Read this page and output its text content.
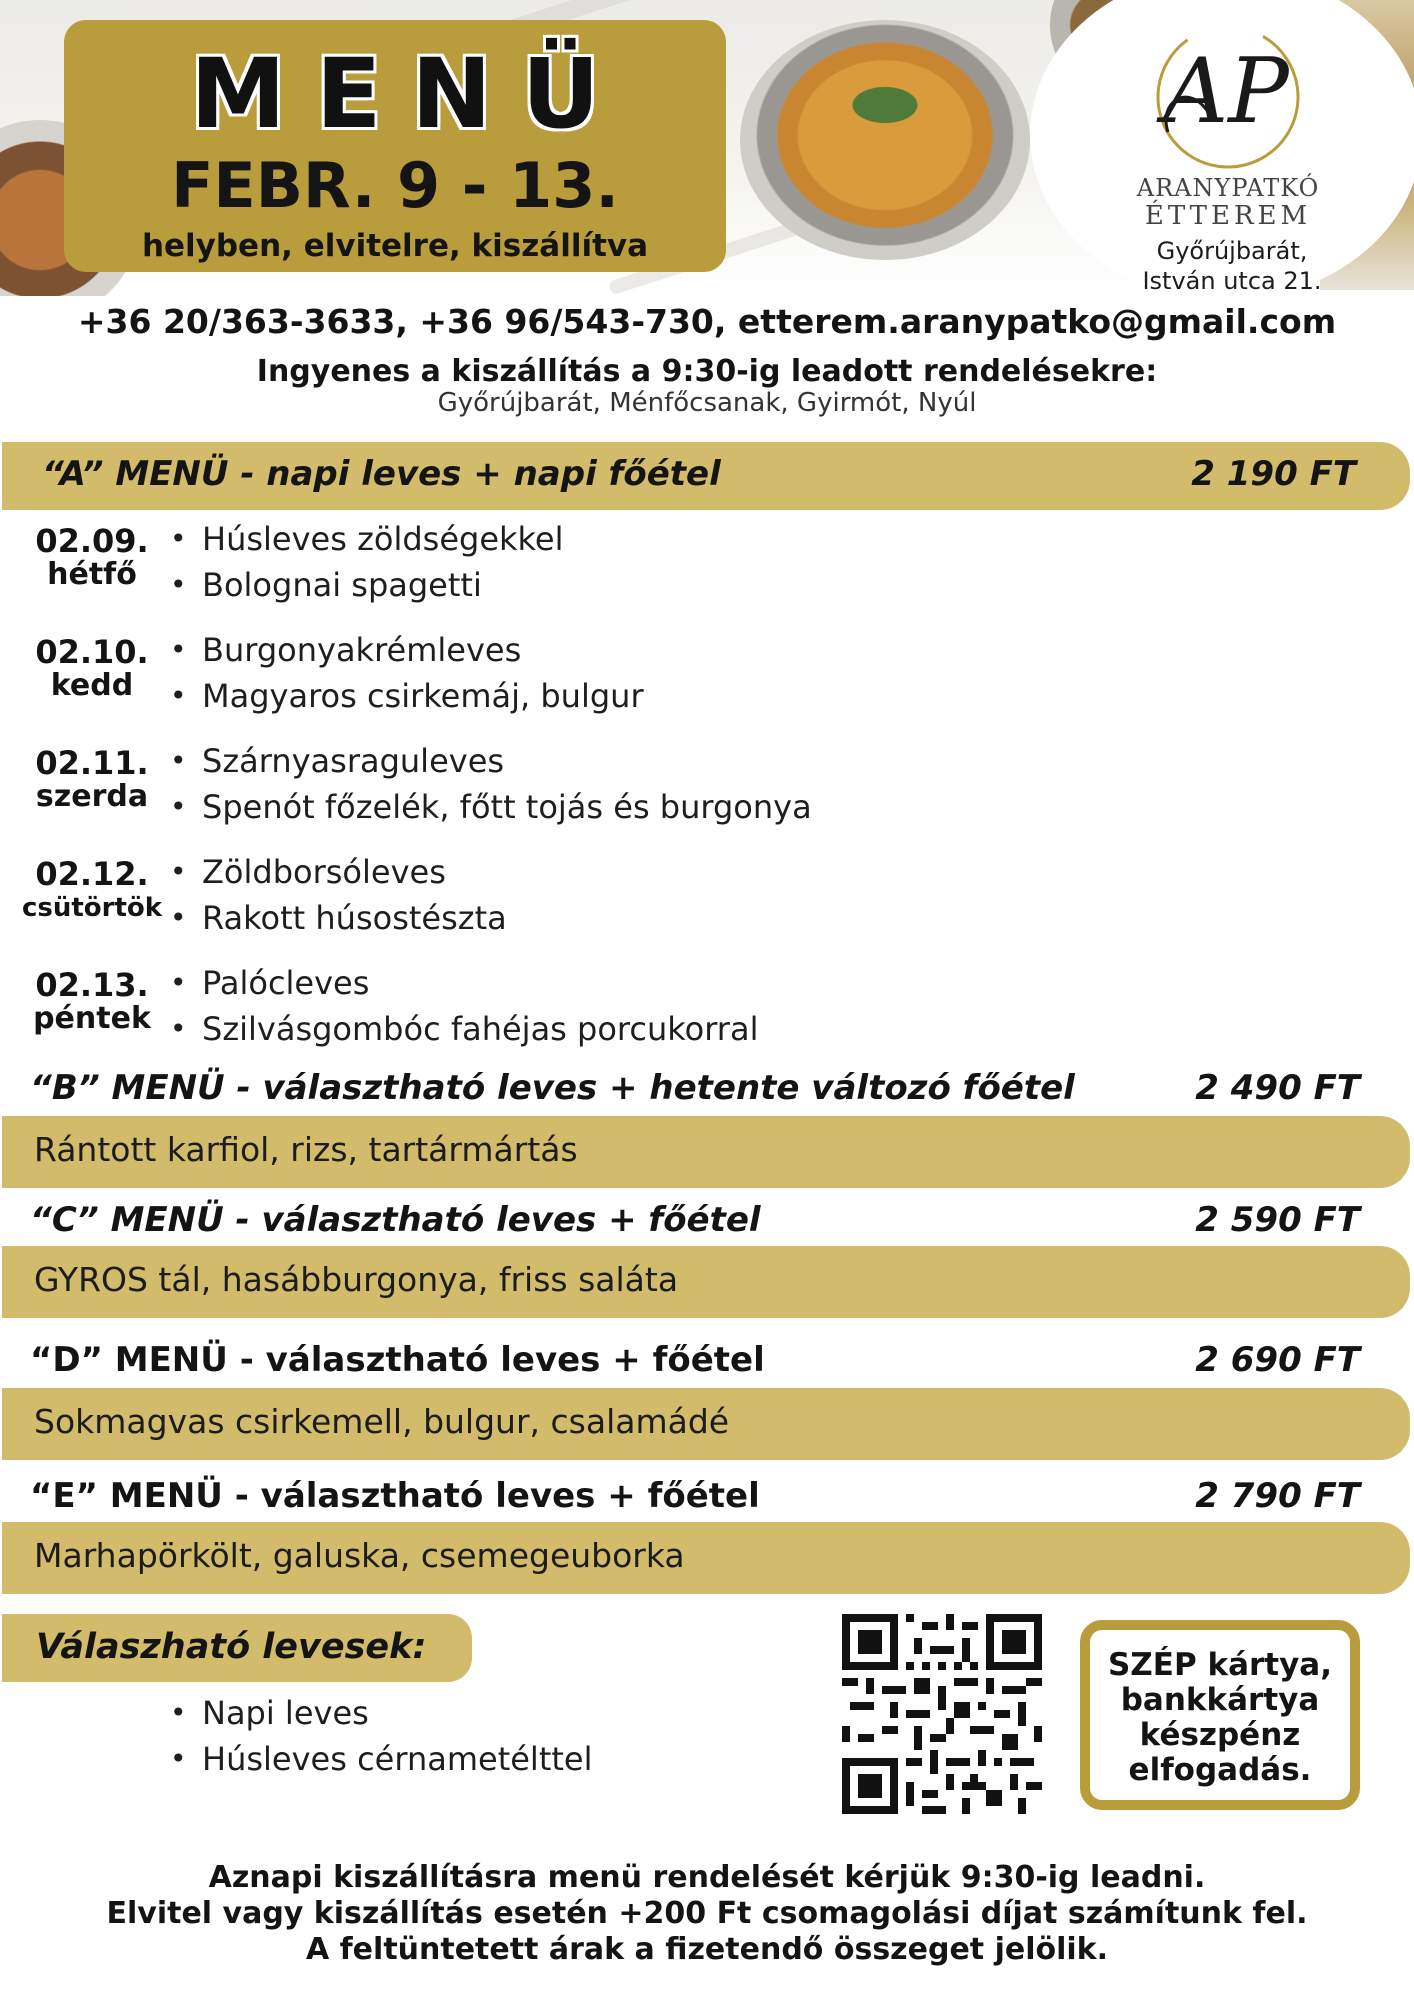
MENÜ
FEBR. 9 - 13.
helyben, elvitelre, kiszállítva
AP
ARANYPATKÓ
ÉTTEREM
Győrújbarát,
István utca 21.
+36 20/363-3633, +36 96/543-730, etterem.aranypatko@gmail.com
Ingyenes a kiszállítás a 9:30-ig leadott rendelésekre:
Győrújbarát, Ménfőcsanak, Gyirmót, Nyúl
“A” MENÜ - napi leves + napi főétel	2 190 FT
02.09.
hétfő
• Húsleves zöldségekkel
• Bolognai spagetti
02.10.
kedd
• Burgonyakrémleves
• Magyaros csirkemáj, bulgur
02.11.
szerda
• Szárnyasraguleves
• Spenót főzelék, főtt tojás és burgonya
02.12.
csütörtök
• Zöldborsóleves
• Rakott húsostészta
02.13.
péntek
• Palócleves
• Szilvásgombóc fahéjas porcukorral
“B” MENÜ - választható leves + hetente változó főétel	2 490 FT
Rántott karfiol, rizs, tartármártás
“C” MENÜ - választható leves + főétel	2 590 FT
GYROS tál, hasábburgonya, friss saláta
“D” MENÜ - választható leves + főétel	2 690 FT
Sokmagvas csirkemell, bulgur, csalamádé
“E” MENÜ - választható leves + főétel	2 790 FT
Marhapörkölt, galuska, csemegeuborka
Válaszható levesek:
• Napi leves
• Húsleves cérnametélttel
SZÉP kártya,
bankkártya
készpénz
elfogadás.
Aznapi kiszállításra menü rendelését kérjük 9:30-ig leadni.
Elvitel vagy kiszállítás esetén +200 Ft csomagolási díjat számítunk fel.
A feltüntetett árak a fizetendő összeget jelölik.
